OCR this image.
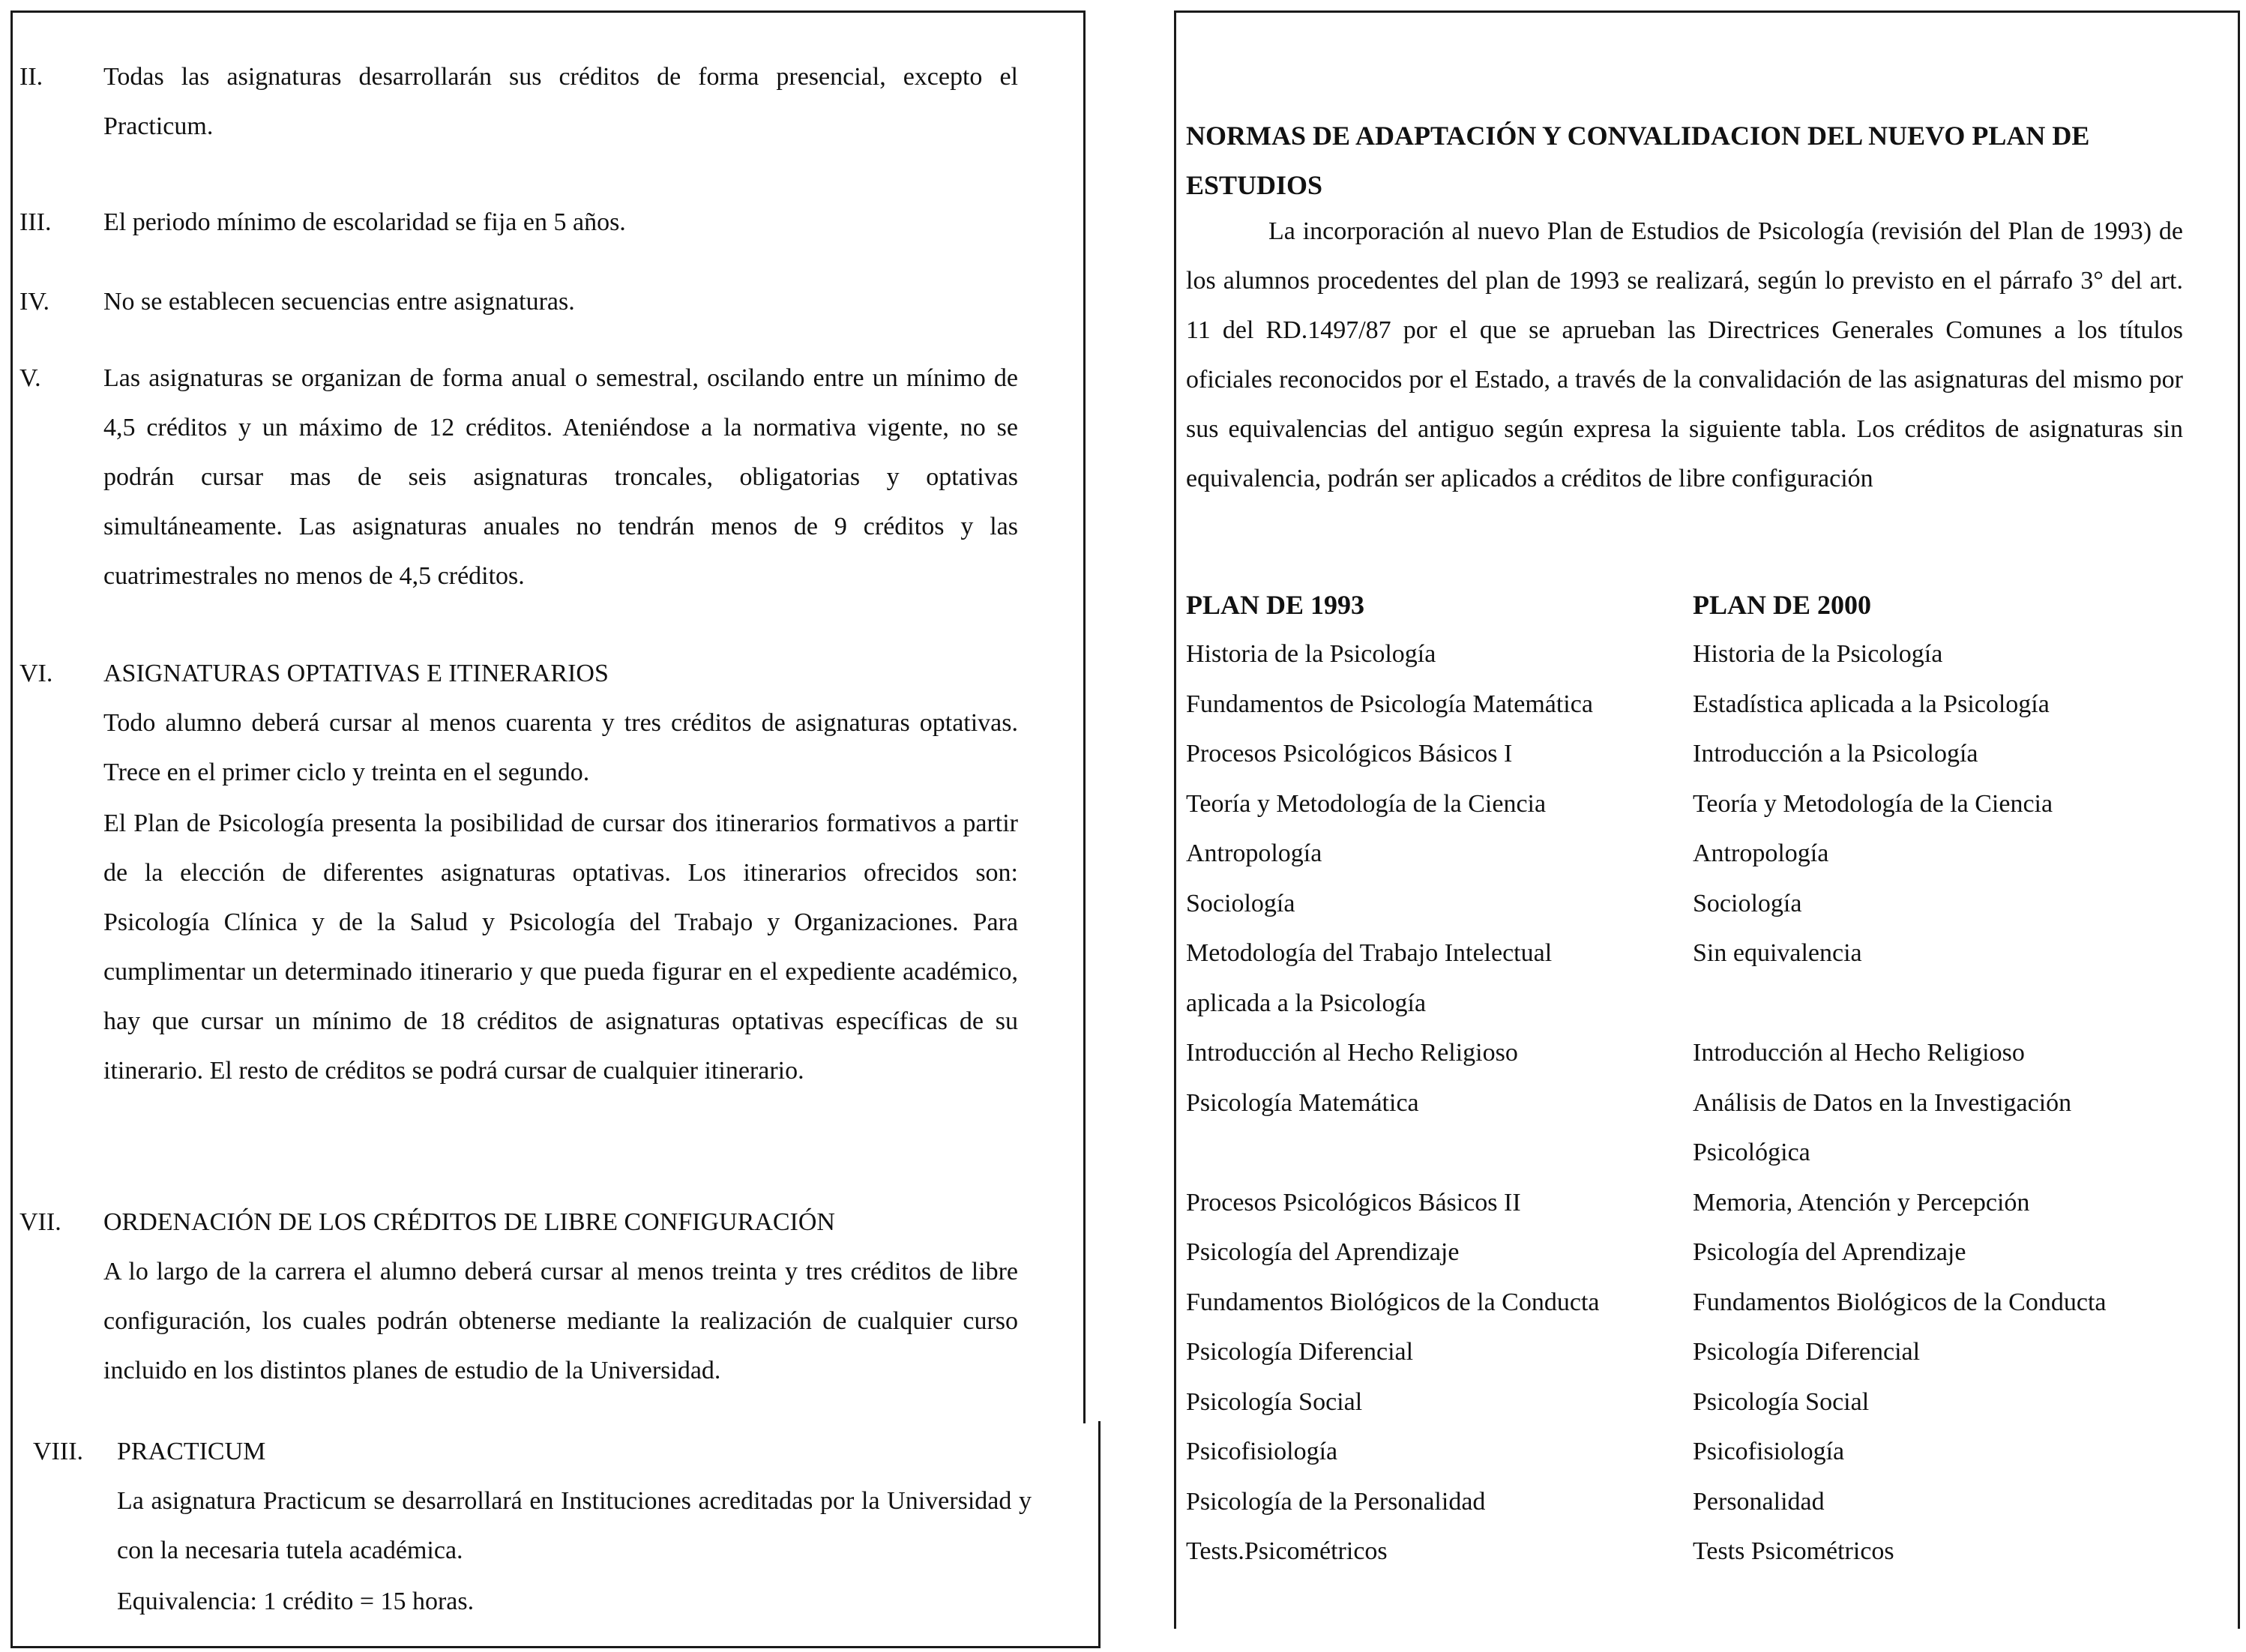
II. Todas las asignaturas desarrollarán sus créditos de forma presencial, excepto el Practicum.
III. El periodo mínimo de escolaridad se fija en 5 años.
IV. No se establecen secuencias entre asignaturas.
V. Las asignaturas se organizan de forma anual o semestral, oscilando entre un mínimo de 4,5 créditos y un máximo de 12 créditos. Ateniéndose a la normativa vigente, no se podrán cursar mas de seis asignaturas troncales, obligatorias y optativas simultáneamente. Las asignaturas anuales no tendrán menos de 9 créditos y las cuatrimestrales no menos de 4,5 créditos.
VI. ASIGNATURAS OPTATIVAS E ITINERARIOS
Todo alumno deberá cursar al menos cuarenta y tres créditos de asignaturas optativas. Trece en el primer ciclo y treinta en el segundo.
El Plan de Psicología presenta la posibilidad de cursar dos itinerarios formativos a partir de la elección de diferentes asignaturas optativas. Los itinerarios ofrecidos son: Psicología Clínica y de la Salud y Psicología del Trabajo y Organizaciones. Para cumplimentar un determinado itinerario y que pueda figurar en el expediente académico, hay que cursar un mínimo de 18 créditos de asignaturas optativas específicas de su itinerario. El resto de créditos se podrá cursar de cualquier itinerario.
VII. ORDENACIÓN DE LOS CRÉDITOS DE LIBRE CONFIGURACIÓN
A lo largo de la carrera el alumno deberá cursar al menos treinta y tres créditos de libre configuración, los cuales podrán obtenerse mediante la realización de cualquier curso incluido en los distintos planes de estudio de la Universidad.
VIII. PRACTICUM
La asignatura Practicum se desarrollará en Instituciones acreditadas por la Universidad y con la necesaria tutela académica.
Equivalencia: 1 crédito = 15 horas.
NORMAS DE ADAPTACIÓN Y CONVALIDACION DEL NUEVO PLAN DE ESTUDIOS
La incorporación al nuevo Plan de Estudios de Psicología (revisión del Plan de 1993) de los alumnos procedentes del plan de 1993 se realizará, según lo previsto en el párrafo 3° del art. 11 del RD.1497/87 por el que se aprueban las Directrices Generales Comunes a los títulos oficiales reconocidos por el Estado, a través de la convalidación de las asignaturas del mismo por sus equivalencias del antiguo según expresa la siguiente tabla. Los créditos de asignaturas sin equivalencia, podrán ser aplicados a créditos de libre configuración
PLAN DE 1993	PLAN DE 2000
Historia de la Psicología
Fundamentos de Psicología Matemática
Procesos Psicológicos Básicos I
Teoría y Metodología de la Ciencia
Antropología
Sociología
Metodología del Trabajo Intelectual
aplicada a la Psicología
Introducción al Hecho Religioso
Psicología Matemática
Procesos Psicológicos Básicos II
Psicología del Aprendizaje
Fundamentos Biológicos de la Conducta
Psicología Diferencial
Psicología Social
Psicofisiología
Psicología de la Personalidad
Tests.Psicométricos
Historia de la Psicología
Estadística aplicada a la Psicología
Introducción a la Psicología
Teoría y Metodología de la Ciencia
Antropología
Sociología
Sin equivalencia
Introducción al Hecho Religioso
Análisis de Datos en la Investigación
Psicológica
Memoria, Atención y Percepción
Psicología del Aprendizaje
Fundamentos Biológicos de la Conducta
Psicología Diferencial
Psicología Social
Psicofisiología
Personalidad
Tests Psicométricos
